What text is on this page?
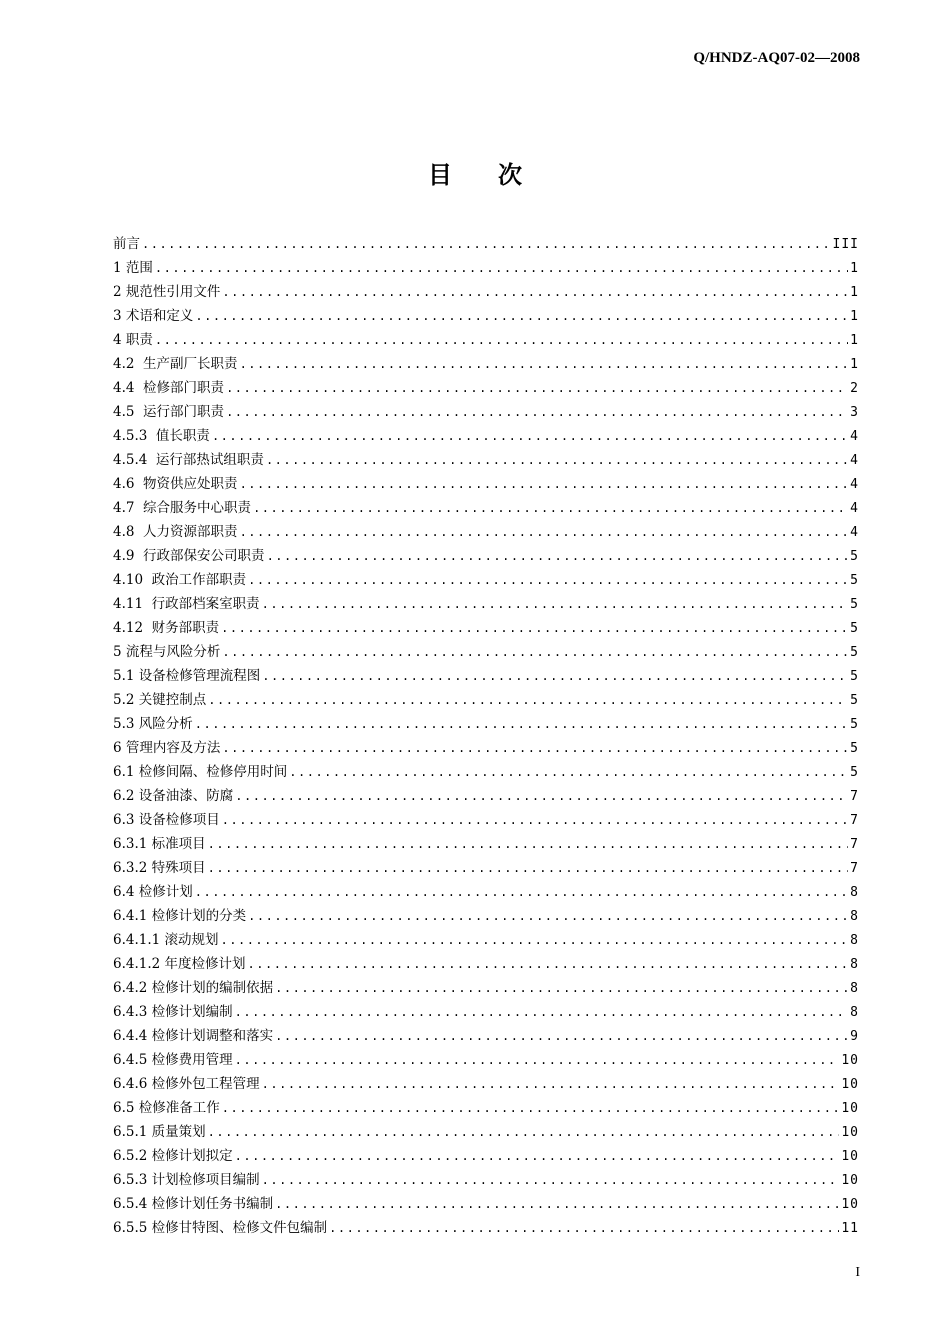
Q/HNDZ-AQ07-02—2008
目次
前言 .....	III
1 范围 .....	1
2 规范性引用文件 .....	1
3 术语和定义 .....	1
4 职责 .....	1
4.2  生产副厂长职责 .....	1
4.4  检修部门职责 .....	2
4.5  运行部门职责 .....	3
4.5.3  值长职责 .....	4
4.5.4  运行部热试组职责 .....	4
4.6  物资供应处职责 .....	4
4.7  综合服务中心职责 .....	4
4.8  人力资源部职责 .....	4
4.9  行政部保安公司职责 .....	5
4.10  政治工作部职责 .....	5
4.11  行政部档案室职责 .....	5
4.12  财务部职责 .....	5
5 流程与风险分析 .....	5
5.1 设备检修管理流程图 .....	5
5.2 关键控制点 .....	5
5.3 风险分析 .....	5
6 管理内容及方法 .....	5
6.1 检修间隔、检修停用时间 .....	5
6.2 设备油漆、防腐 .....	7
6.3 设备检修项目 .....	7
6.3.1 标准项目 .....	7
6.3.2 特殊项目 .....	7
6.4 检修计划 .....	8
6.4.1 检修计划的分类 .....	8
6.4.1.1 滚动规划 .....	8
6.4.1.2 年度检修计划 .....	8
6.4.2 检修计划的编制依据 .....	8
6.4.3 检修计划编制 .....	8
6.4.4 检修计划调整和落实 .....	9
6.4.5 检修费用管理 .....	10
6.4.6 检修外包工程管理 .....	10
6.5 检修准备工作 .....	10
6.5.1 质量策划 .....	10
6.5.2 检修计划拟定 .....	10
6.5.3 计划检修项目编制 .....	10
6.5.4 检修计划任务书编制 .....	10
6.5.5 检修甘特图、检修文件包编制 .....	11
I
